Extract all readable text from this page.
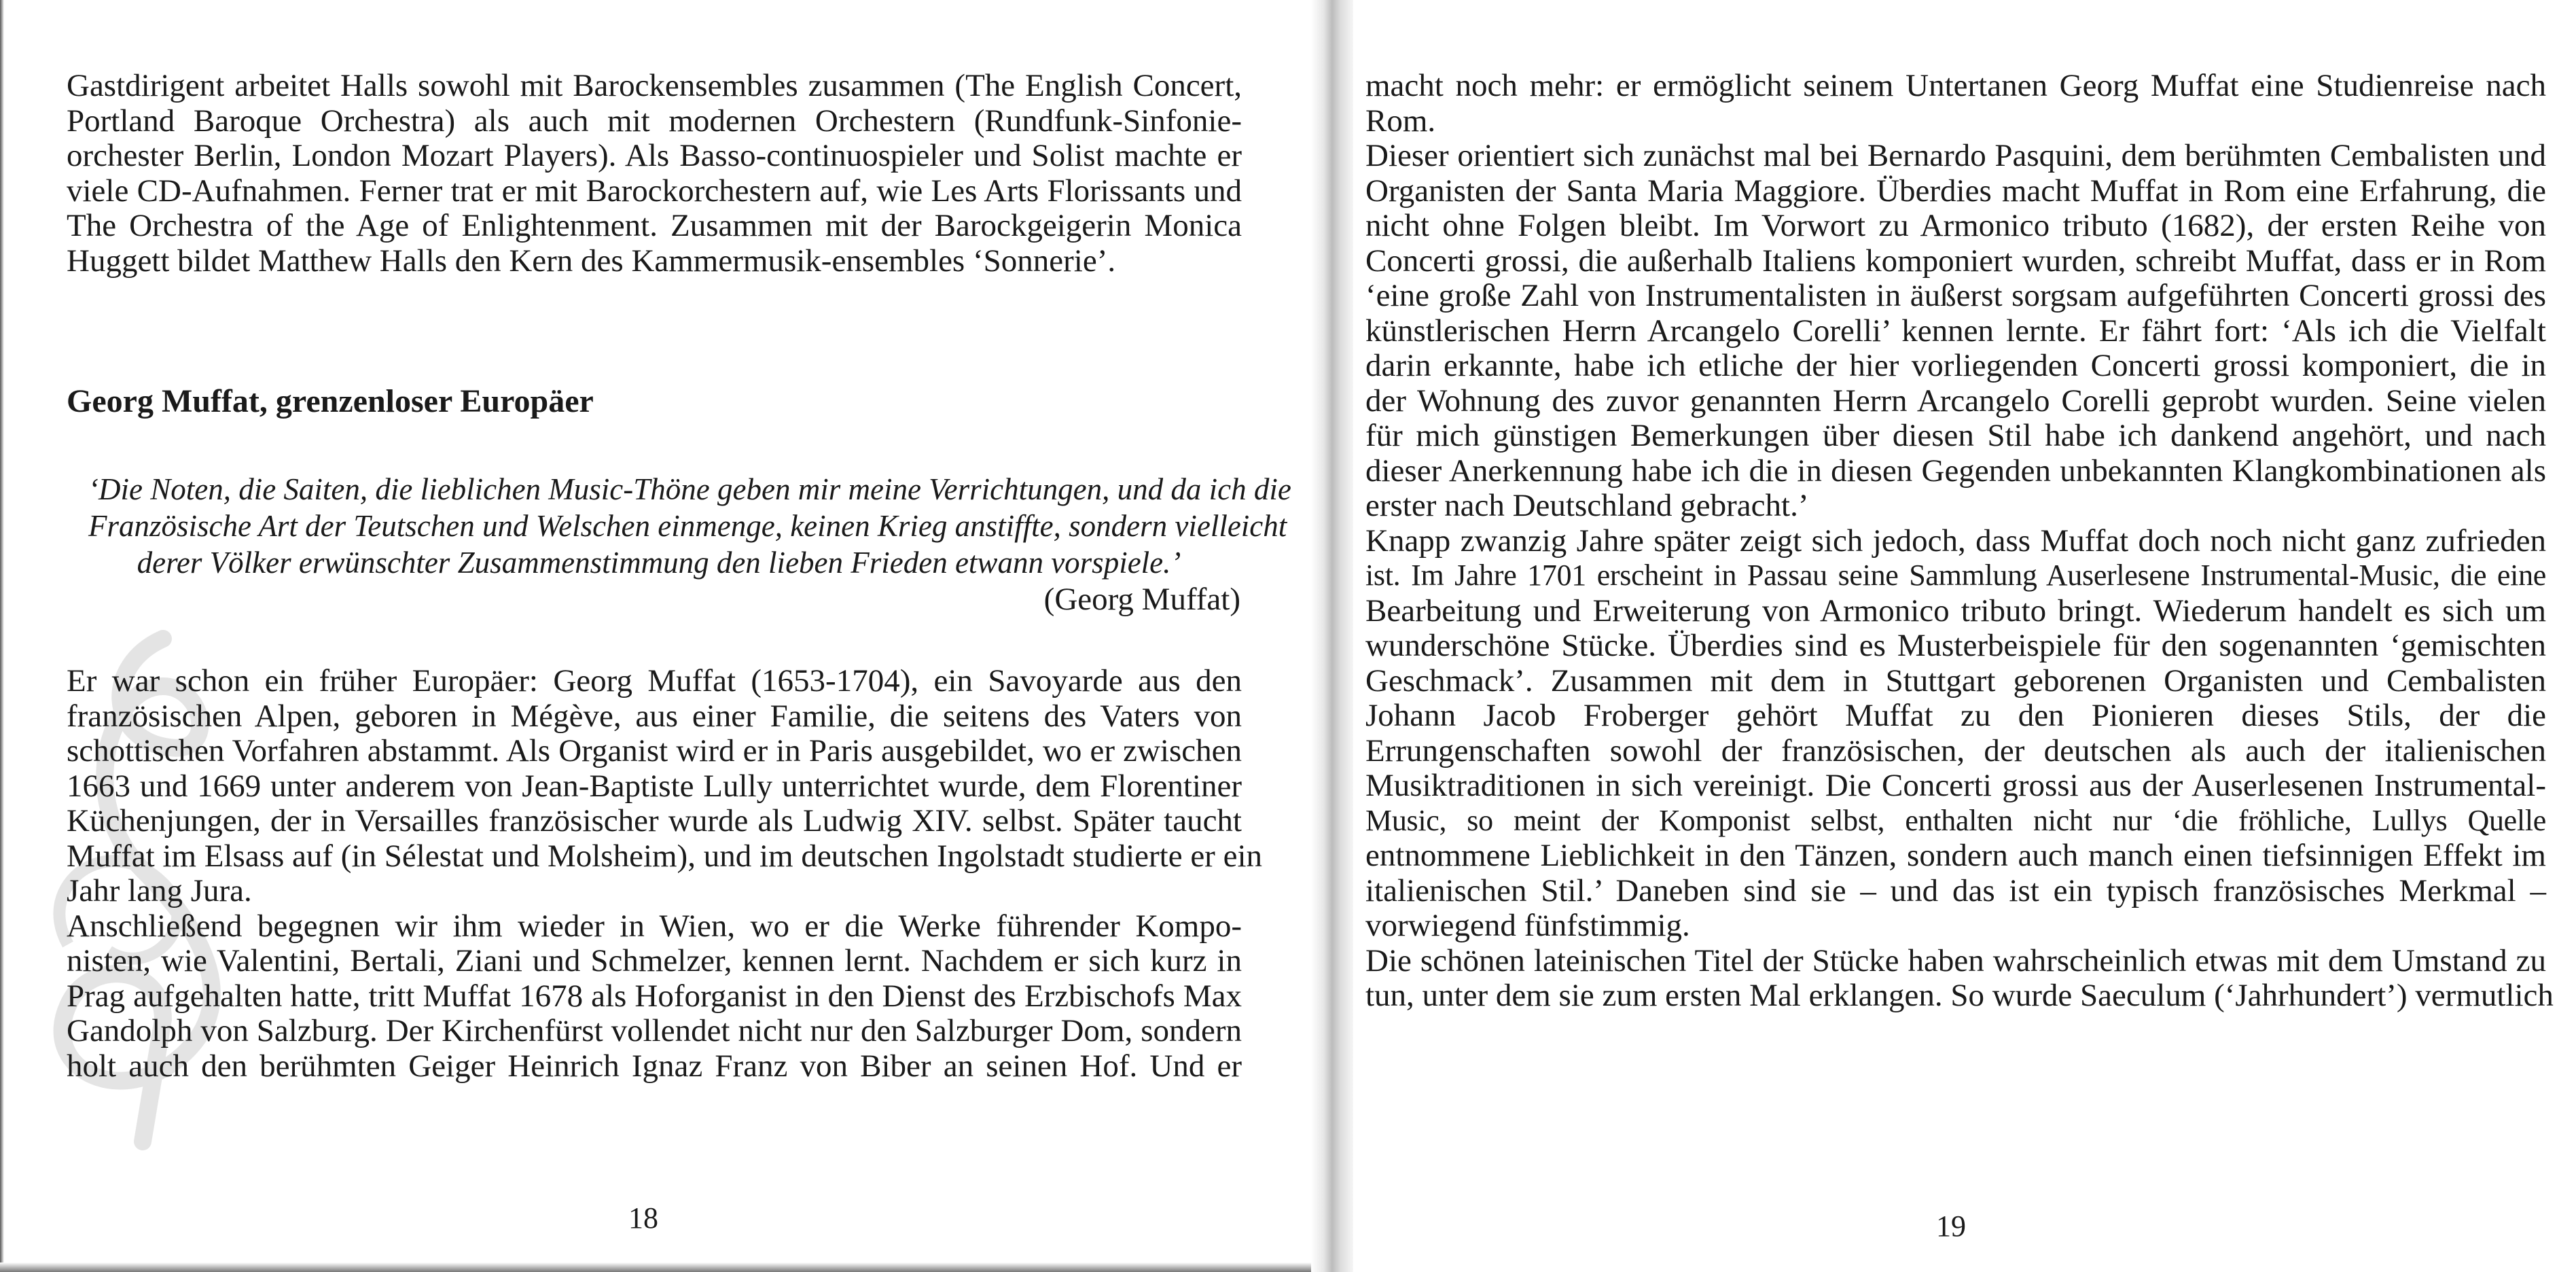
Gastdirigent arbeitet Halls sowohl mit Barockensembles zusammen (The English Concert,
Portland Baroque Orchestra) als auch mit modernen Orchestern (Rundfunk-Sinfonie-
orchester Berlin, London Mozart Players). Als Basso-continuospieler und Solist machte er
viele CD-Aufnahmen. Ferner trat er mit Barockorchestern auf, wie Les Arts Florissants und
The Orchestra of the Age of Enlightenment. Zusammen mit der Barockgeigerin Monica
Huggett bildet Matthew Halls den Kern des Kammermusik-ensembles ‘Sonnerie’.
Georg Muffat, grenzenloser Europäer
‘Die Noten, die Saiten, die lieblichen Music-Thöne geben mir meine Verrichtungen, und da ich die
Französische Art der Teutschen und Welschen einmenge, keinen Krieg anstiffte, sondern vielleicht
derer Völker erwünschter Zusammenstimmung den lieben Frieden etwann vorspiele.’
(Georg Muffat)
Er war schon ein früher Europäer: Georg Muffat (1653-1704), ein Savoyarde aus den
französischen Alpen, geboren in Mégève, aus einer Familie, die seitens des Vaters von
schottischen Vorfahren abstammt. Als Organist wird er in Paris ausgebildet, wo er zwischen
1663 und 1669 unter anderem von Jean-Baptiste Lully unterrichtet wurde, dem Florentiner
Küchenjungen, der in Versailles französischer wurde als Ludwig XIV. selbst. Später taucht
Muffat im Elsass auf (in Sélestat und Molsheim), und im deutschen Ingolstadt studierte er ein
Jahr lang Jura.
Anschließend begegnen wir ihm wieder in Wien, wo er die Werke führender Kompo-
nisten, wie Valentini, Bertali, Ziani und Schmelzer, kennen lernt. Nachdem er sich kurz in
Prag aufgehalten hatte, tritt Muffat 1678 als Hoforganist in den Dienst des Erzbischofs Max
Gandolph von Salzburg. Der Kirchenfürst vollendet nicht nur den Salzburger Dom, sondern
holt auch den berühmten Geiger Heinrich Ignaz Franz von Biber an seinen Hof. Und er
18
macht noch mehr: er ermöglicht seinem Untertanen Georg Muffat eine Studienreise nach
Rom.
Dieser orientiert sich zunächst mal bei Bernardo Pasquini, dem berühmten Cembalisten und
Organisten der Santa Maria Maggiore. Überdies macht Muffat in Rom eine Erfahrung, die
nicht ohne Folgen bleibt. Im Vorwort zu Armonico tributo (1682), der ersten Reihe von
Concerti grossi, die außerhalb Italiens komponiert wurden, schreibt Muffat, dass er in Rom
‘eine große Zahl von Instrumentalisten in äußerst sorgsam aufgeführten Concerti grossi des
künstlerischen Herrn Arcangelo Corelli’ kennen lernte. Er fährt fort: ‘Als ich die Vielfalt
darin erkannte, habe ich etliche der hier vorliegenden Concerti grossi komponiert, die in
der Wohnung des zuvor genannten Herrn Arcangelo Corelli geprobt wurden. Seine vielen
für mich günstigen Bemerkungen über diesen Stil habe ich dankend angehört, und nach
dieser Anerkennung habe ich die in diesen Gegenden unbekannten Klangkombinationen als
erster nach Deutschland gebracht.’
Knapp zwanzig Jahre später zeigt sich jedoch, dass Muffat doch noch nicht ganz zufrieden
ist. Im Jahre 1701 erscheint in Passau seine Sammlung Auserlesene Instrumental-Music, die eine
Bearbeitung und Erweiterung von Armonico tributo bringt. Wiederum handelt es sich um
wunderschöne Stücke. Überdies sind es Musterbeispiele für den sogenannten ‘gemischten
Geschmack’. Zusammen mit dem in Stuttgart geborenen Organisten und Cembalisten
Johann Jacob Froberger gehört Muffat zu den Pionieren dieses Stils, der die
Errungenschaften sowohl der französischen, der deutschen als auch der italienischen
Musiktraditionen in sich vereinigt. Die Concerti grossi aus der Auserlesenen Instrumental-
Music, so meint der Komponist selbst, enthalten nicht nur ‘die fröhliche, Lullys Quelle
entnommene Lieblichkeit in den Tänzen, sondern auch manch einen tiefsinnigen Effekt im
italienischen Stil.’ Daneben sind sie – und das ist ein typisch französisches Merkmal –
vorwiegend fünfstimmig.
Die schönen lateinischen Titel der Stücke haben wahrscheinlich etwas mit dem Umstand zu
tun, unter dem sie zum ersten Mal erklangen. So wurde Saeculum (‘Jahrhundert’) vermutlich
19
